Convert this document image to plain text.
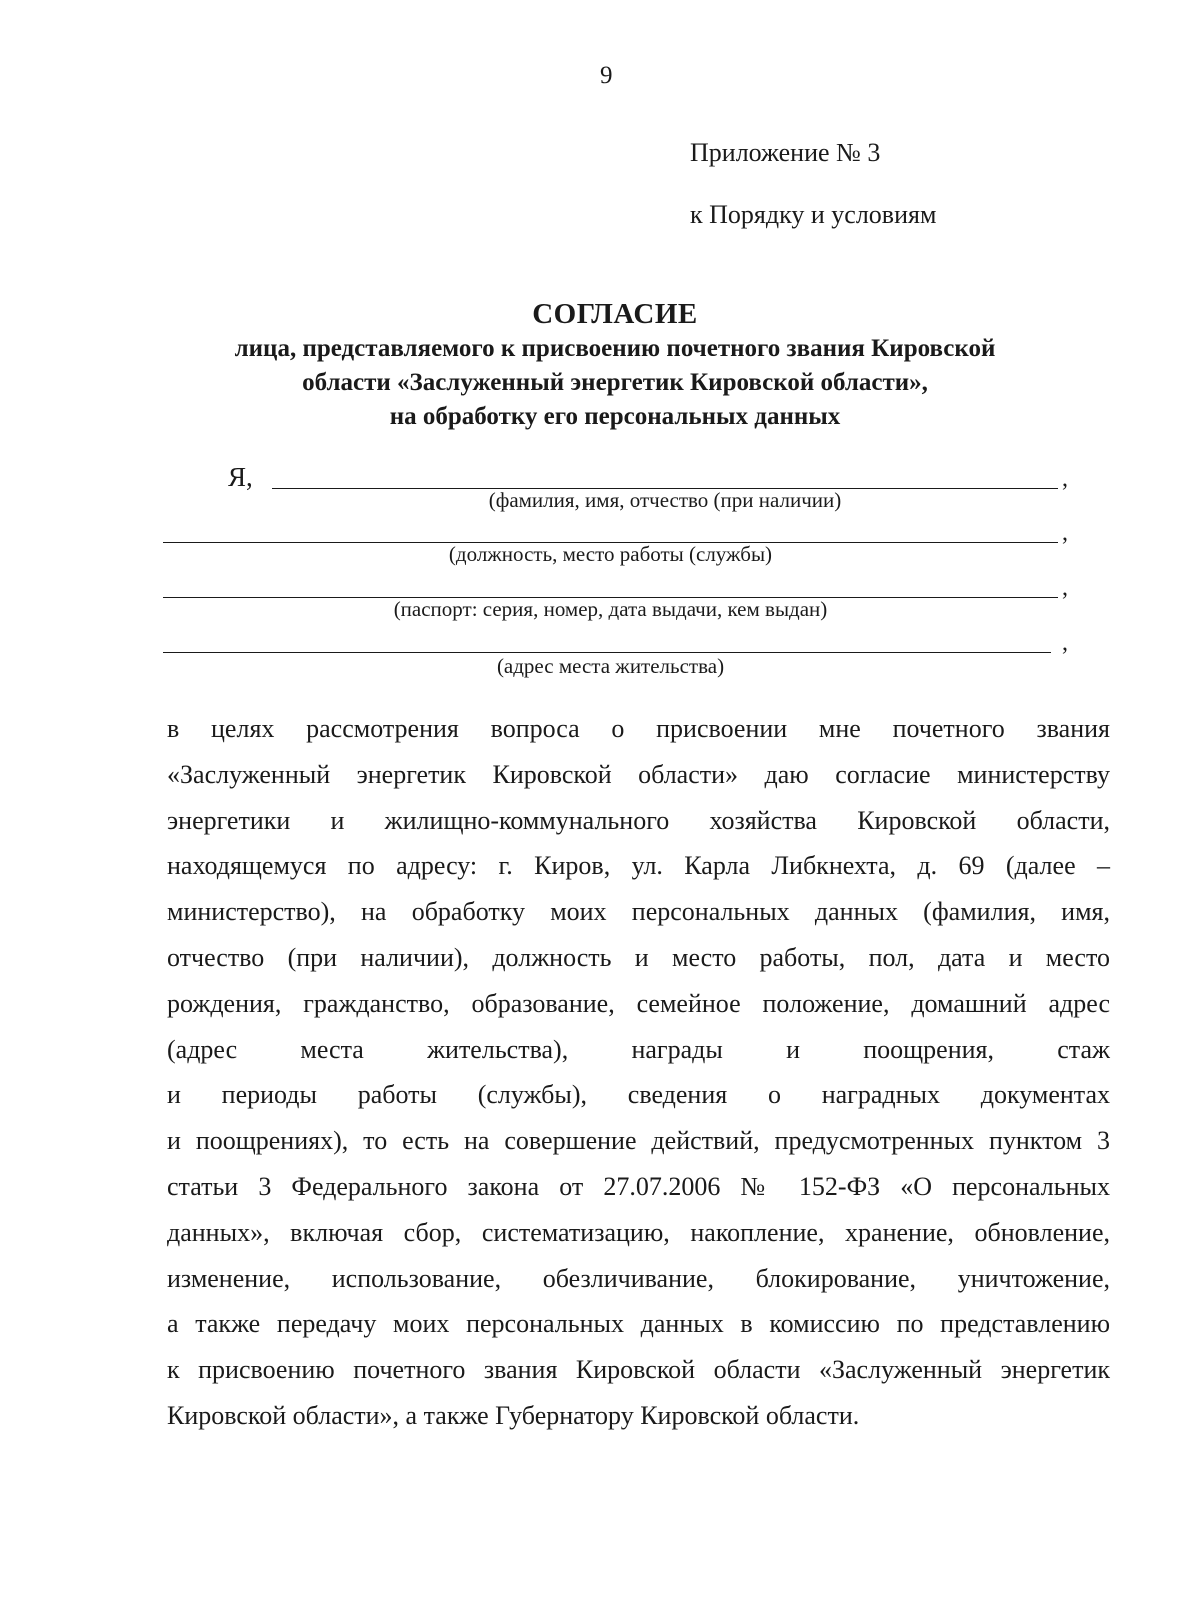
9
Приложение № 3
к Порядку и условиям
СОГЛАСИЕ
лица, представляемого к присвоению почетного звания Кировской
области «Заслуженный энергетик Кировской области»,
на обработку его персональных данных
Я,	,
(фамилия, имя, отчество (при наличии)
,
(должность, место работы (службы)
,
(паспорт: серия, номер, дата выдачи, кем выдан)
,
(адрес места жительства)
в целях рассмотрения вопроса о присвоении мне почетного звания
«Заслуженный энергетик Кировской области» даю согласие министерству
энергетики и жилищно-коммунального хозяйства Кировской области,
находящемуся по адресу: г. Киров, ул. Карла Либкнехта, д. 69 (далее –
министерство), на обработку моих персональных данных (фамилия, имя,
отчество (при наличии), должность и место работы, пол, дата и место
рождения, гражданство, образование, семейное положение, домашний адрес
(адрес места жительства), награды и поощрения, стаж
и периоды работы (службы), сведения о наградных документах
и поощрениях), то есть на совершение действий, предусмотренных пунктом 3
статьи 3 Федерального закона от 27.07.2006 № 152-ФЗ «О персональных
данных», включая сбор, систематизацию, накопление, хранение, обновление,
изменение, использование, обезличивание, блокирование, уничтожение,
а также передачу моих персональных данных в комиссию по представлению
к присвоению почетного звания Кировской области «Заслуженный энергетик
Кировской области», а также Губернатору Кировской области.
